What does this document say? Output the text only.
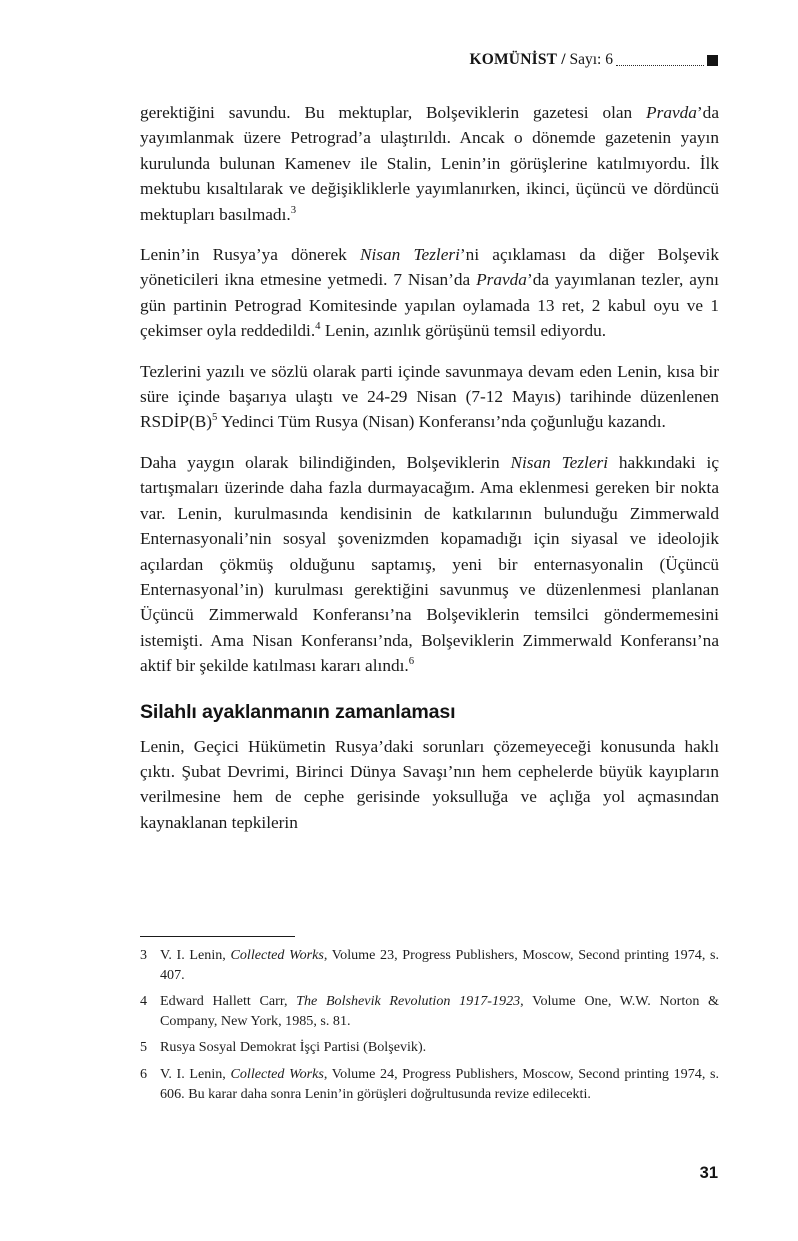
KOMÜNİST / Sayı: 6

gerektiğini savundu. Bu mektuplar, Bolşeviklerin gazetesi olan Pravda’da yayımlanmak üzere Petrograd’a ulaştırıldı. Ancak o dönemde gazetenin yayın kurulunda bulunan Kamenev ile Stalin, Lenin’in görüşlerine katılmıyordu. İlk mektubu kısaltılarak ve değişikliklerle yayımlanırken, ikinci, üçüncü ve dördüncü mektupları basılmadı.$^3$

Lenin’in Rusya’ya dönerek Nisan Tezleri’ni açıklaması da diğer Bolşevik yöneticileri ikna etmesine yetmedi. 7 Nisan’da Pravda’da yayımlanan tezler, aynı gün partinin Petrograd Komitesinde yapılan oylamada 13 ret, 2 kabul oyu ve 1 çekimser oyla reddedildi.$^4$ Lenin, azınlık görüşünü temsil ediyordu.

Tezlerini yazılı ve sözlü olarak parti içinde savunmaya devam eden Lenin, kısa bir süre içinde başarıya ulaştı ve 24-29 Nisan (7-12 Mayıs) tarihinde düzenlenen RSDİP(B)$^5$ Yedinci Tüm Rusya (Nisan) Konferansı’nda çoğunluğu kazandı.

Daha yaygın olarak bilindiğinden, Bolşeviklerin Nisan Tezleri hakkındaki iç tartışmaları üzerinde daha fazla durmayacağım. Ama eklenmesi gereken bir nokta var. Lenin, kurulmasında kendisinin de katkılarının bulunduğu Zimmerwald Enternasyonali’nin sosyal şovenizmden kopamadığı için siyasal ve ideolojik açılardan çökmüş olduğunu saptamış, yeni bir enternasyonalin (Üçüncü Enternasyonal’in) kurulması gerektiğini savunmuş ve düzenlenmesi planlanan Üçüncü Zimmerwald Konferansı’na Bolşeviklerin temsilci göndermemesini istemişti. Ama Nisan Konferansı’nda, Bolşeviklerin Zimmerwald Konferansı’na aktif bir şekilde katılması kararı alındı.$^6$

Silahlı ayaklanmanın zamanlaması

Lenin, Geçici Hükümetin Rusya’daki sorunları çözemeyeceği konusunda haklı çıktı. Şubat Devrimi, Birinci Dünya Savaşı’nın hem cephelerde büyük kayıpların verilmesine hem de cephe gerisinde yoksulluğa ve açlığa yol açmasından kaynaklanan tepkilerin

3 V. I. Lenin, Collected Works, Volume 23, Progress Publishers, Moscow, Second printing 1974, s. 407.
4 Edward Hallett Carr, The Bolshevik Revolution 1917-1923, Volume One, W.W. Norton & Company, New York, 1985, s. 81.
5 Rusya Sosyal Demokrat İşçi Partisi (Bolşevik).
6 V. I. Lenin, Collected Works, Volume 24, Progress Publishers, Moscow, Second printing 1974, s. 606. Bu karar daha sonra Lenin’in görüşleri doğrultusunda revize edilecekti.
31
